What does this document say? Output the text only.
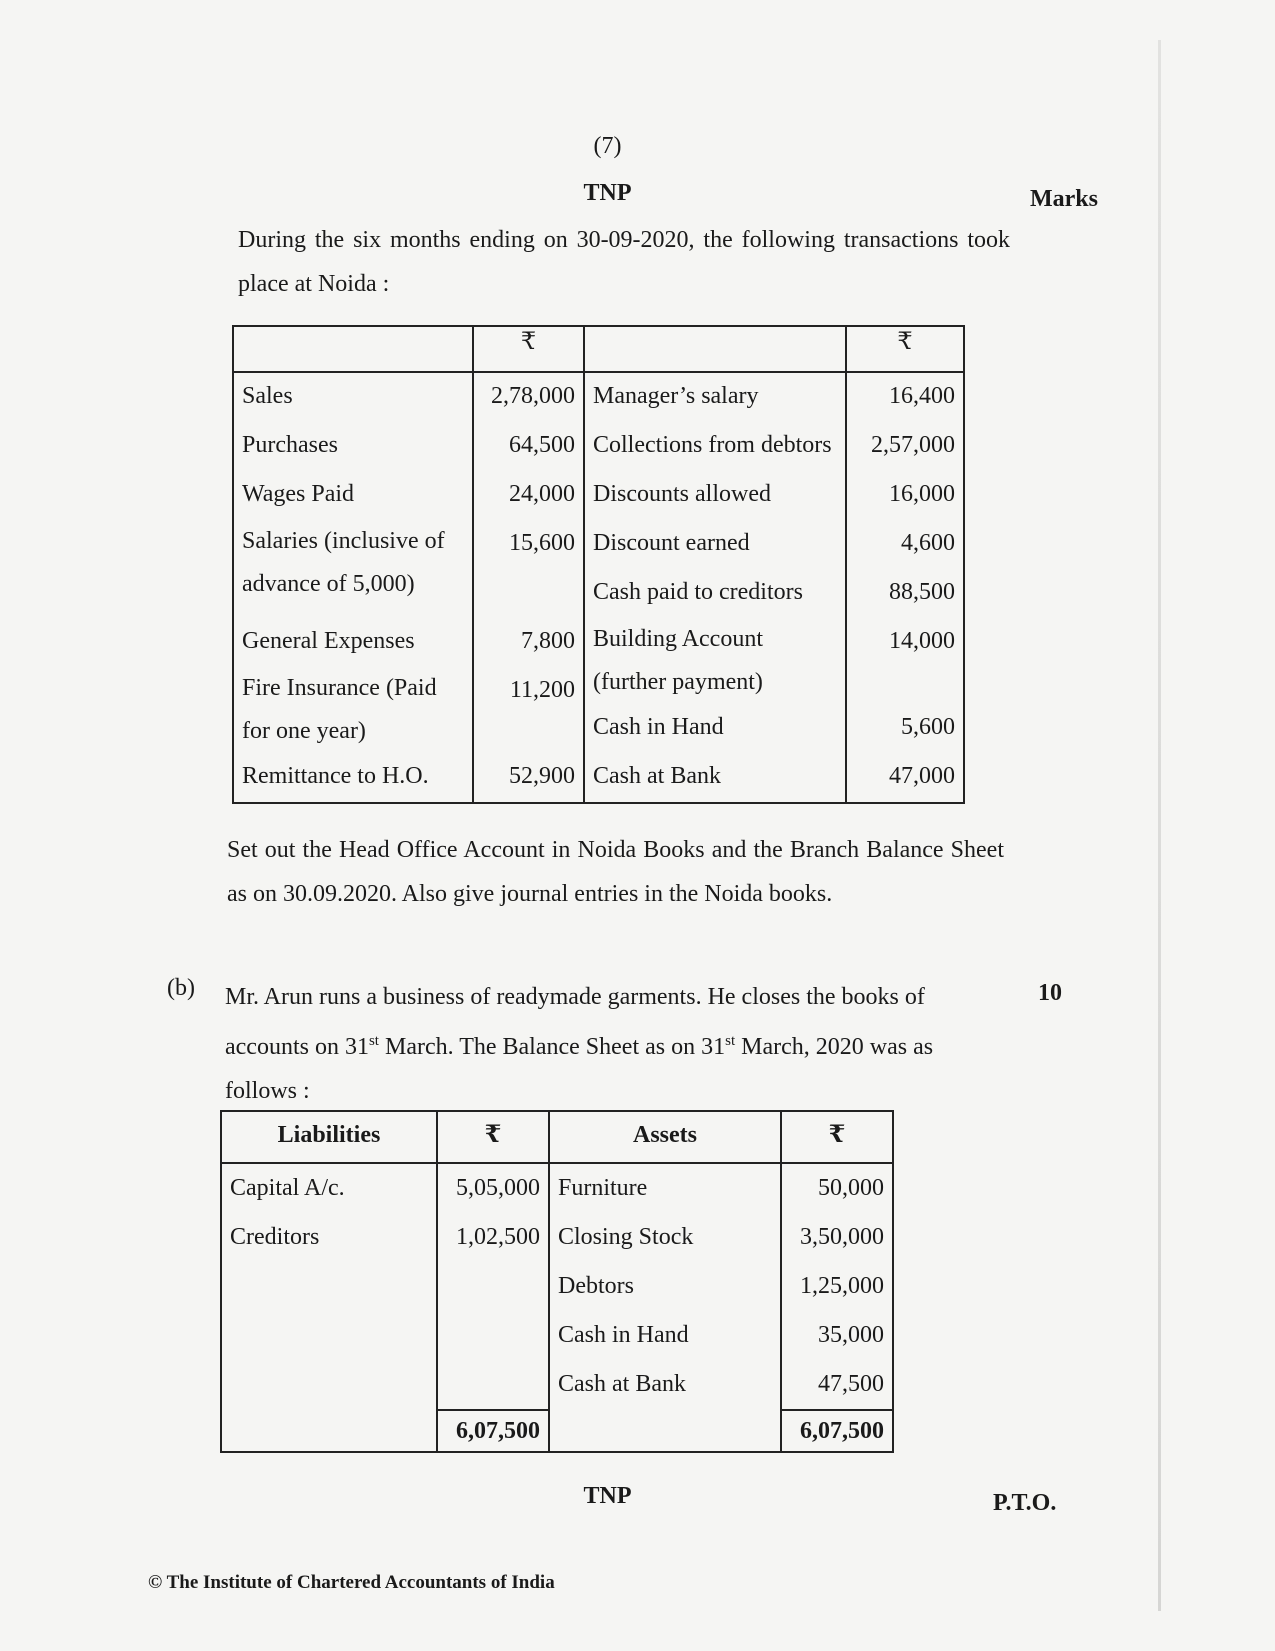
(7)
TNP	Marks
During the six months ending on 30-09-2020, the following transactions took place at Noida :
	₹		₹
Sales	2,78,000	Manager’s salary	16,400
Purchases	64,500	Collections from debtors	2,57,000
Wages Paid	24,000	Discounts allowed	16,000
Salaries (inclusive of advance of 5,000)	15,600	Discount earned	4,600
		Cash paid to creditors	88,500
General Expenses	7,800	Building Account (further payment)	14,000
Fire Insurance (Paid for one year)	11,200		
		Cash in Hand	5,600
Remittance to H.O.	52,900	Cash at Bank	47,000
Set out the Head Office Account in Noida Books and the Branch Balance Sheet as on 30.09.2020. Also give journal entries in the Noida books.
(b) Mr. Arun runs a business of readymade garments. He closes the books of accounts on 31st March. The Balance Sheet as on 31st March, 2020 was as follows :
10
Liabilities	₹	Assets	₹
Capital A/c.	5,05,000	Furniture	50,000
Creditors	1,02,500	Closing Stock	3,50,000
		Debtors	1,25,000
		Cash in Hand	35,000
		Cash at Bank	47,500
	6,07,500		6,07,500
TNP	P.T.O.
© The Institute of Chartered Accountants of India
